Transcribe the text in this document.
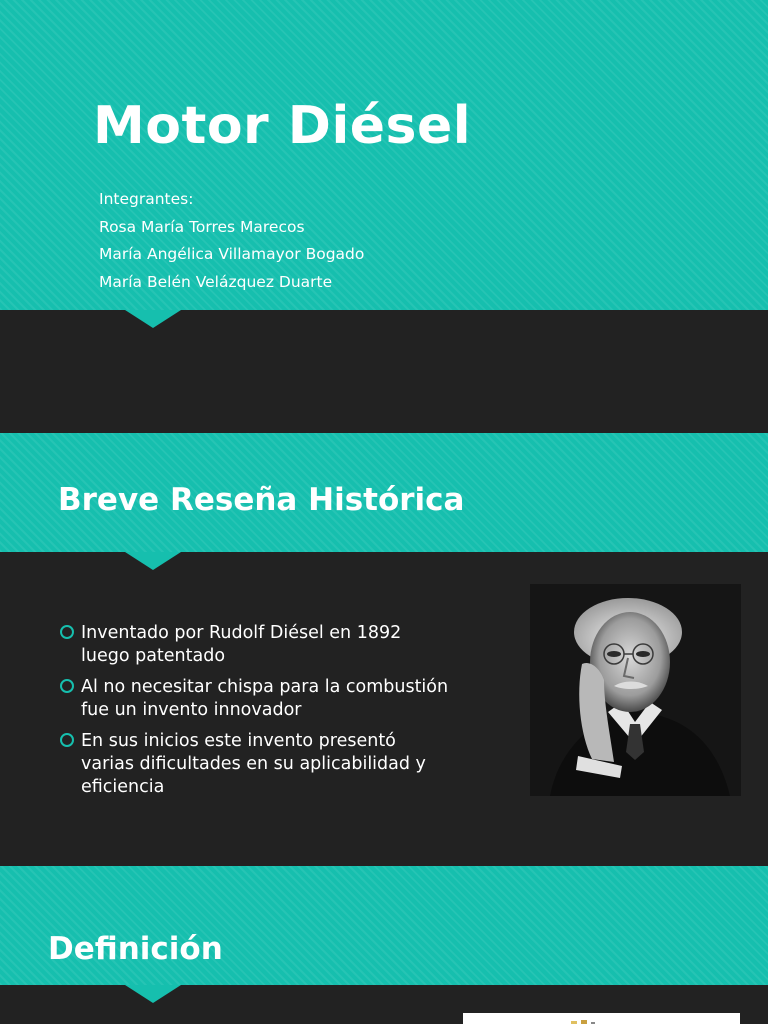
Motor Diésel
Integrantes:
Rosa María Torres Marecos
María Angélica Villamayor Bogado
María Belén Velázquez Duarte
Breve Reseña Histórica
Inventado por Rudolf Diésel en 1892
luego patentado
Al no necesitar chispa para la combustión
fue un invento innovador
En sus inicios este invento presentó
varias dificultades en su aplicabilidad y
eficiencia
Definición
